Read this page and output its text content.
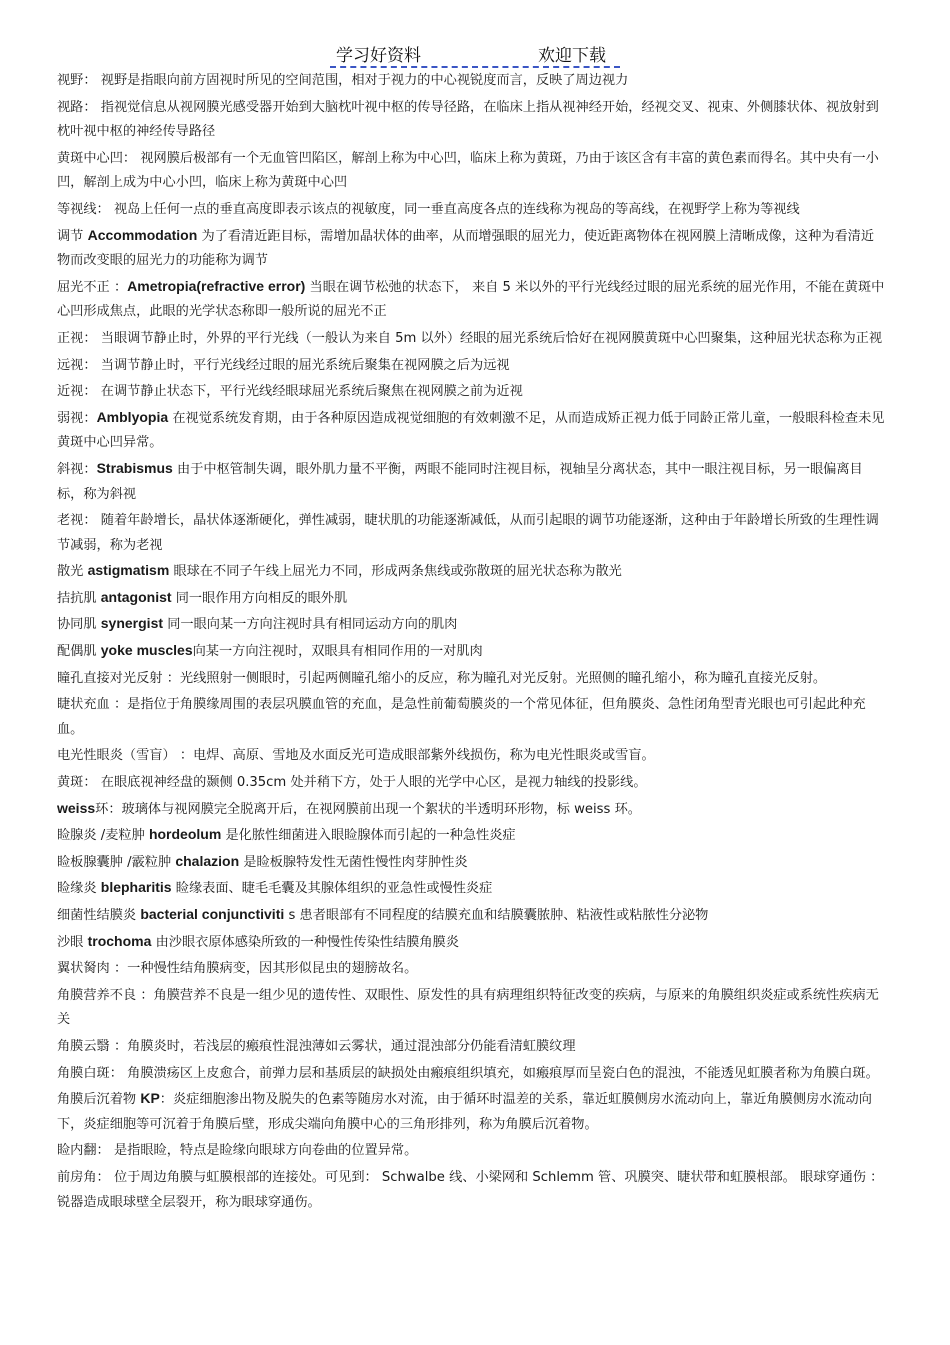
学习好资料	欢迎下载

视野： 视野是指眼向前方固视时所见的空间范围，相对于视力的中心视锐度而言，反映了周边视力

视路： 指视觉信息从视网膜光感受器开始到大脑枕叶视中枢的传导径路，在临床上指从视神经开始，经视交叉、视束、外侧膝状体、视放射到枕叶视中枢的神经传导路径

黄斑中心凹： 视网膜后极部有一个无血管凹陷区，解剖上称为中心凹，临床上称为黄斑，乃由于该区含有丰富的黄色素而得名。其中央有一小凹，解剖上成为中心小凹，临床上称为黄斑中心凹

等视线： 视岛上任何一点的垂直高度即表示该点的视敏度，同一垂直高度各点的连线称为视岛的等高线，在视野学上称为等视线

调节 Accommodation 为了看清近距目标，需增加晶状体的曲率，从而增强眼的屈光力，使近距离物体在视网膜上清晰成像，这种为看清近物而改变眼的屈光力的功能称为调节

屈光不正 ：Ametropia(refractive error) 当眼在调节松弛的状态下， 来自 5 米以外的平行光线经过眼的屈光系统的屈光作用，不能在黄斑中心凹形成焦点，此眼的光学状态称即一般所说的屈光不正

正视： 当眼调节静止时，外界的平行光线（一般认为来自 5m 以外）经眼的屈光系统后恰好在视网膜黄斑中心凹聚集，这种屈光状态称为正视

远视： 当调节静止时，平行光线经过眼的屈光系统后聚集在视网膜之后为远视

近视： 在调节静止状态下，平行光线经眼球屈光系统后聚焦在视网膜之前为近视

弱视：Amblyopia 在视觉系统发育期，由于各种原因造成视觉细胞的有效刺激不足，从而造成矫正视力低于同龄正常儿童，一般眼科检查未见黄斑中心凹异常。

斜视：Strabismus 由于中枢管制失调，眼外肌力量不平衡，两眼不能同时注视目标，视轴呈分离状态，其中一眼注视目标，另一眼偏离目标，称为斜视

老视： 随着年龄增长，晶状体逐渐硬化，弹性减弱，睫状肌的功能逐渐减低，从而引起眼的调节功能逐渐，这种由于年龄增长所致的生理性调节减弱，称为老视

散光 astigmatism 眼球在不同子午线上屈光力不同，形成两条焦线或弥散斑的屈光状态称为散光

拮抗肌 antagonist 同一眼作用方向相反的眼外肌

协同肌 synergist 同一眼向某一方向注视时具有相同运动方向的肌肉

配偶肌 yoke muscles向某一方向注视时，双眼具有相同作用的一对肌肉

瞳孔直接对光反射 ：光线照射一侧眼时，引起两侧瞳孔缩小的反应，称为瞳孔对光反射。光照侧的瞳孔缩小，称为瞳孔直接光反射。

睫状充血 ：是指位于角膜缘周围的表层巩膜血管的充血，是急性前葡萄膜炎的一个常见体征，但角膜炎、急性闭角型青光眼也可引起此种充血。

电光性眼炎（雪盲） ：电焊、高原、雪地及水面反光可造成眼部紫外线损伤，称为电光性眼炎或雪盲。

黄斑： 在眼底视神经盘的颞侧 0.35cm 处并稍下方，处于人眼的光学中心区，是视力轴线的投影线。

weiss环：玻璃体与视网膜完全脱离开后，在视网膜前出现一个絮状的半透明环形物，标 weiss 环。

睑腺炎 /麦粒肿 hordeolum 是化脓性细菌进入眼睑腺体而引起的一种急性炎症

睑板腺囊肿 /霰粒肿 chalazion 是睑板腺特发性无菌性慢性肉芽肿性炎

睑缘炎 blepharitis 睑缘表面、睫毛毛囊及其腺体组织的亚急性或慢性炎症

细菌性结膜炎 bacterial conjunctiviti s 患者眼部有不同程度的结膜充血和结膜囊脓肿、粘液性或粘脓性分泌物

沙眼 trochoma 由沙眼衣原体感染所致的一种慢性传染性结膜角膜炎

翼状胬肉 ：一种慢性结角膜病变，因其形似昆虫的翅膀故名。

角膜营养不良 ：角膜营养不良是一组少见的遗传性、双眼性、原发性的具有病理组织特征改变的疾病，与原来的角膜组织炎症或系统性疾病无关

角膜云翳 ：角膜炎时，若浅层的瘢痕性混浊薄如云雾状，通过混浊部分仍能看清虹膜纹理

角膜白斑： 角膜溃疡区上皮愈合，前弹力层和基质层的缺损处由瘢痕组织填充，如瘢痕厚而呈瓷白色的混浊，不能透见虹膜者称为角膜白斑。

角膜后沉着物 KP：炎症细胞渗出物及脱失的色素等随房水对流，由于循环时温差的关系，靠近虹膜侧房水流动向上，靠近角膜侧房水流动向下，炎症细胞等可沉着于角膜后壁，形成尖端向角膜中心的三角形排列，称为角膜后沉着物。

睑内翻： 是指眼睑，特点是睑缘向眼球方向卷曲的位置异常。

前房角： 位于周边角膜与虹膜根部的连接处。可见到： Schwalbe 线、小梁网和 Schlemm 管、巩膜突、睫状带和虹膜根部。 眼球穿通伤 ：锐器造成眼球壁全层裂开，称为眼球穿通伤。
